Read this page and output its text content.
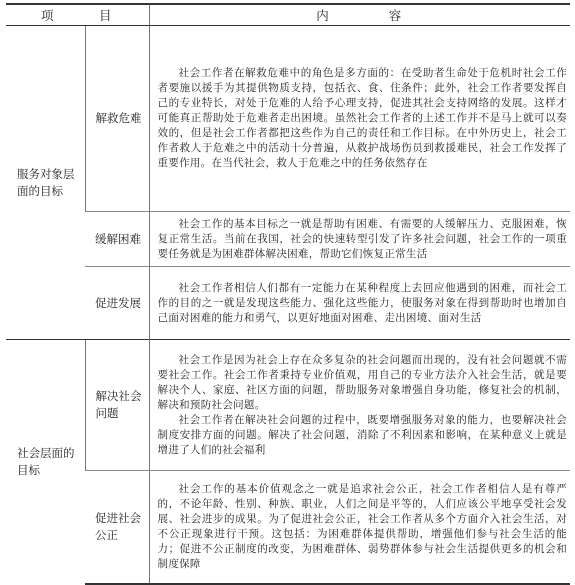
项　　　目		内　　　　容
服务对象层面的目标	解救危难	社会工作者在解救危难中的角色是多方面的：在受助者生命处于危机时社会工作者要施以援手为其提供物质支持，包括衣、食、住条件；此外，社会工作者要发挥自己的专业特长，对处于危难的人给予心理支持，促进其社会支持网络的发展。这样才可能真正帮助处于危难者走出困境。虽然社会工作者的上述工作并不是马上就可以奏效的，但是社会工作者都把这些作为自己的责任和工作目标。在中外历史上，社会工作者救人于危难之中的活动十分普遍，从救护战场伤员到救援难民，社会工作发挥了重要作用。在当代社会，救人于危难之中的任务依然存在

	缓解困难	社会工作的基本目标之一就是帮助有困难、有需要的人缓解压力、克服困难，恢复正常生活。当前在我国，社会的快速转型引发了许多社会问题，社会工作的一项重要任务就是为困难群体解决困难，帮助它们恢复正常生活

	促进发展	社会工作者相信人们都有一定能力在某种程度上去回应他遇到的困难，而社会工作的目的之一就是发现这些能力、强化这些能力，使服务对象在得到帮助时也增加自己面对困难的能力和勇气，以更好地面对困难、走出困境、面对生活

社会层面的目标	解决社会问题	社会工作是因为社会上存在众多复杂的社会问题而出现的，没有社会问题就不需要社会工作。社会工作者秉持专业价值观，用自己的专业方法介入社会生活，就是要解决个人、家庭、社区方面的问题，帮助服务对象增强自身功能，修复社会的机制，解决和预防社会问题。

社会工作者在解决社会问题的过程中，既要增强服务对象的能力，也要解决社会制度安排方面的问题。解决了社会问题，消除了不利因素和影响，在某种意义上就是增进了人们的社会福利

	促进社会公正	社会工作的基本价值观念之一就是追求社会公正，社会工作者相信人是有尊严的，不论年龄、性别、种族、职业，人们之间是平等的，人们应该公平地享受社会发展、社会进步的成果。为了促进社会公正，社会工作者从多个方面介入社会生活，对不公正现象进行干预。这包括：为困难群体提供帮助，增强他们参与社会生活的能力；促进不公正制度的改变，为困难群体、弱势群体参与社会生活提供更多的机会和制度保障
